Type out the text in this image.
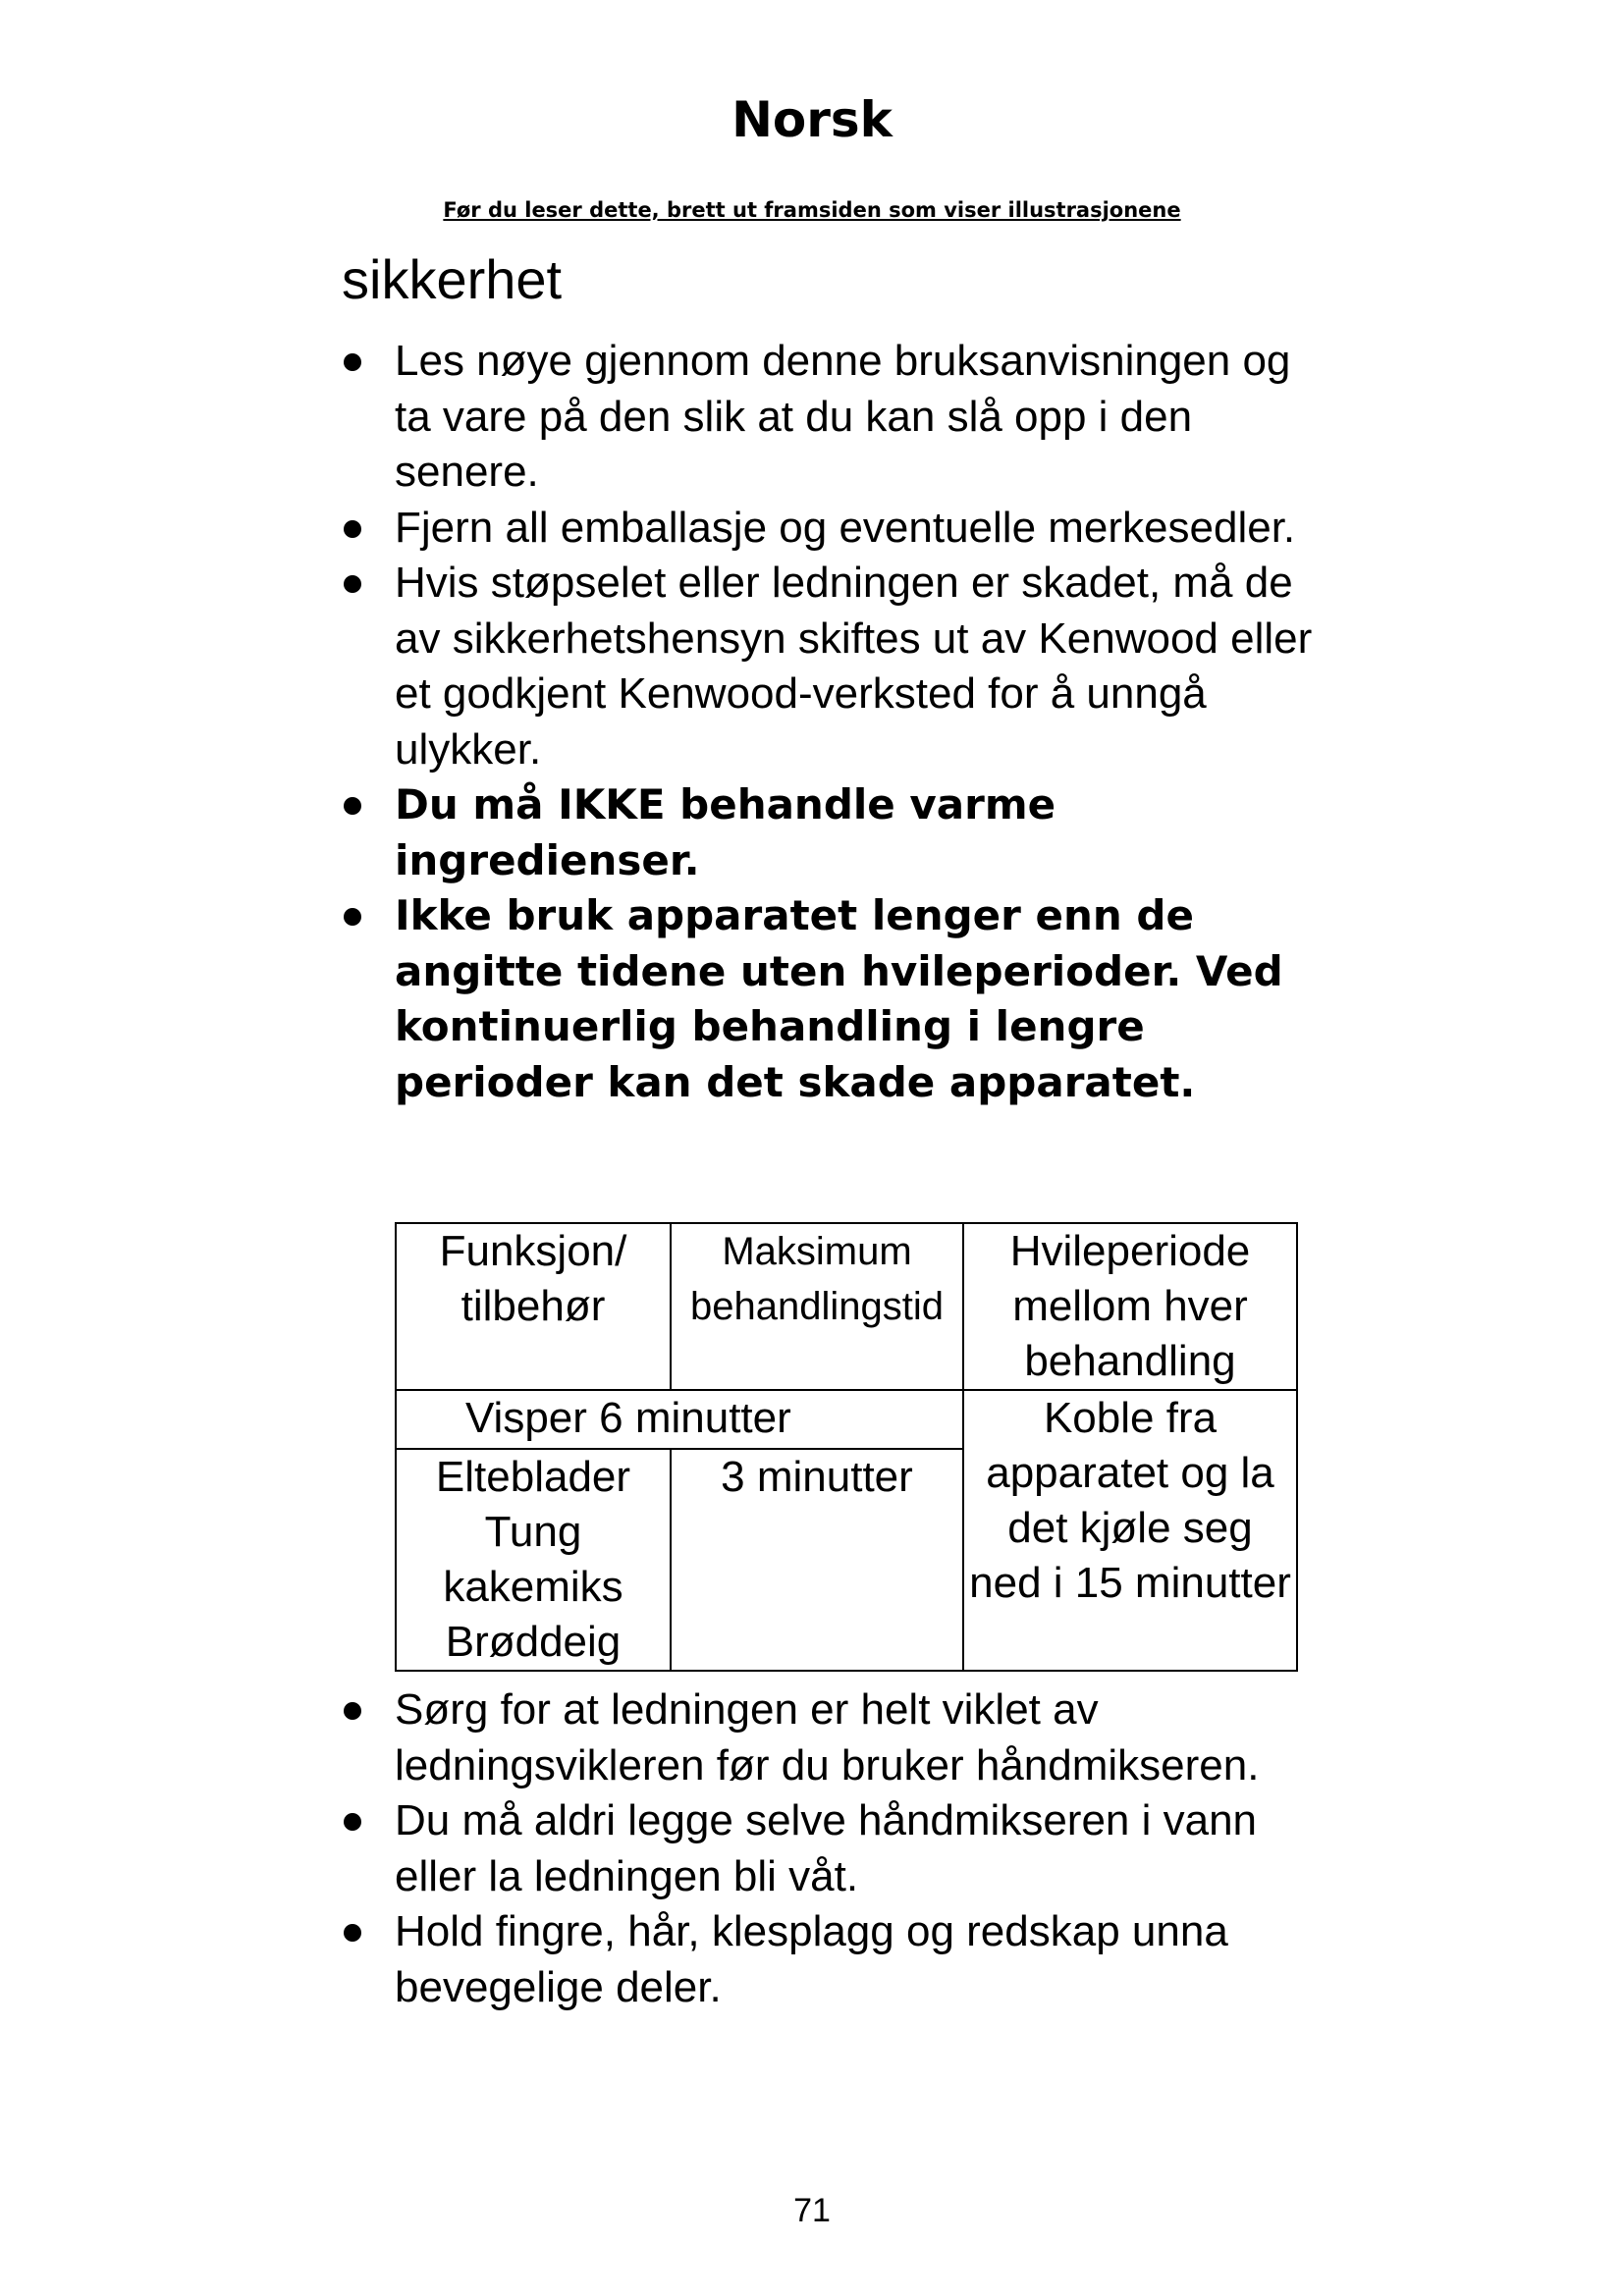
Norsk
Før du leser dette, brett ut framsiden som viser illustrasjonene
sikkerhet
Les nøye gjennom denne bruksanvisningen og ta vare på den slik at du kan slå opp i den senere.
Fjern all emballasje og eventuelle merkesedler.
Hvis støpselet eller ledningen er skadet, må de av sikkerhetshensyn skiftes ut av Kenwood eller et godkjent Kenwood-verksted for å unngå ulykker.
Du må IKKE behandle varme ingredienser.
Ikke bruk apparatet lenger enn de angitte tidene uten hvileperioder. Ved kontinuerlig behandling i lengre perioder kan det skade apparatet.
Funksjon/ tilbehør	Maksimum behandlingstid	Hvileperiode mellom hver behandling
Visper 6 minutter		Koble fra apparatet og la det kjøle seg ned i 15 minutter
Elteblader Tung kakemiks Brøddeig	3 minutter	
Sørg for at ledningen er helt viklet av ledningsvikleren før du bruker håndmikseren.
Du må aldri legge selve håndmikseren i vann eller la ledningen bli våt.
Hold fingre, hår, klesplagg og redskap unna bevegelige deler.
71
